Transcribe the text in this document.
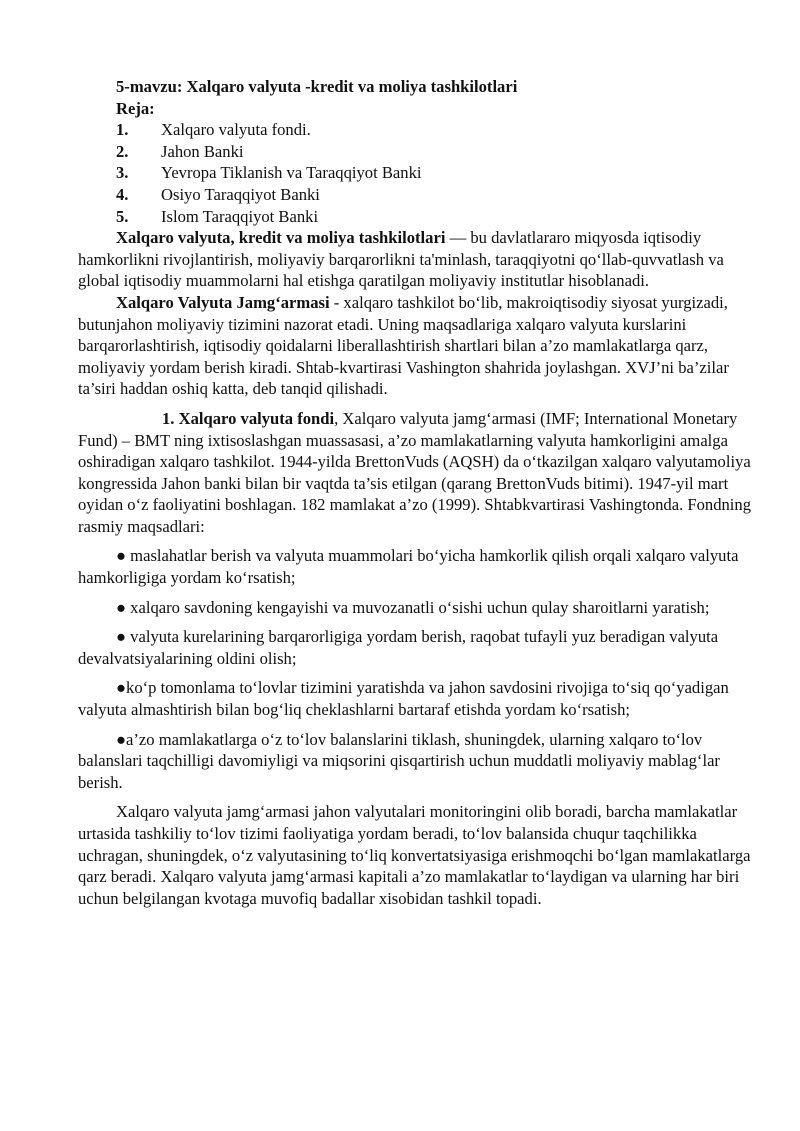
5-mavzu: Xalqaro valyuta -kredit va moliya tashkilotlari
Reja:
1.	Xalqaro valyuta fondi.
2.	Jahon Banki
3.	Yevropa Tiklanish va Taraqqiyot Banki
4.	Osiyo Taraqqiyot Banki
5.	Islom Taraqqiyot Banki

Xalqaro valyuta, kredit va moliya tashkilotlari — bu davlatlararo miqyosda iqtisodiy hamkorlikni rivojlantirish, moliyaviy barqarorlikni ta'minlash, taraqqiyotni qo‘llab-quvvatlash va global iqtisodiy muammolarni hal etishga qaratilgan moliyaviy institutlar hisoblanadi.

Xalqaro Valyuta Jamg‘armasi - xalqaro tashkilot bo‘lib, makroiqtisodiy siyosat yurgizadi, butunjahon moliyaviy tizimini nazorat etadi. Uning maqsadlariga xalqaro valyuta kurslarini barqarorlashtirish, iqtisodiy qoidalarni liberallashtirish shartlari bilan a’zo mamlakatlarga qarz, moliyaviy yordam berish kiradi. Shtab-kvartirasi Vashington shahrida joylashgan. XVJ’ni ba’zilar ta’siri haddan oshiq katta, deb tanqid qilishadi.

1. Xalqaro valyuta fondi, Xalqaro valyuta jamg‘armasi (IMF; International Monetary Fund) – BMT ning ixtisoslashgan muassasasi, a’zo mamlakatlarning valyuta hamkorligini amalga oshiradigan xalqaro tashkilot. 1944-yilda BrettonVuds (AQSH) da o‘tkazilgan xalqaro valyutamoliya kongressida Jahon banki bilan bir vaqtda ta’sis etilgan (qarang BrettonVuds bitimi). 1947-yil mart oyidan o‘z faoliyatini boshlagan. 182 mamlakat a’zo (1999). Shtabkvartirasi Vashingtonda. Fondning rasmiy maqsadlari:

● maslahatlar berish va valyuta muammolari bo‘yicha hamkorlik qilish orqali xalqaro valyuta hamkorligiga yordam ko‘rsatish;

● xalqaro savdoning kengayishi va muvozanatli o‘sishi uchun qulay sharoitlarni yaratish;

● valyuta kurelarining barqarorligiga yordam berish, raqobat tufayli yuz beradigan valyuta devalvatsiyalarining oldini olish;

●ko‘p tomonlama to‘lovlar tizimini yaratishda va jahon savdosini rivojiga to‘siq qo‘yadigan valyuta almashtirish bilan bog‘liq cheklashlarni bartaraf etishda yordam ko‘rsatish;

●a’zo mamlakatlarga o‘z to‘lov balanslarini tiklash, shuningdek, ularning xalqaro to‘lov balanslari taqchilligi davomiyligi va miqsorini qisqartirish uchun muddatli moliyaviy mablag‘lar berish.

Xalqaro valyuta jamg‘armasi jahon valyutalari monitoringini olib boradi, barcha mamlakatlar urtasida tashkiliy to‘lov tizimi faoliyatiga yordam beradi, to‘lov balansida chuqur taqchilikka uchragan, shuningdek, o‘z valyutasining to‘liq konvertatsiyasiga erishmoqchi bo‘lgan mamlakatlarga qarz beradi. Xalqaro valyuta jamg‘armasi kapitali a’zo mamlakatlar to‘laydigan va ularning har biri uchun belgilangan kvotaga muvofiq badallar xisobidan tashkil topadi.
